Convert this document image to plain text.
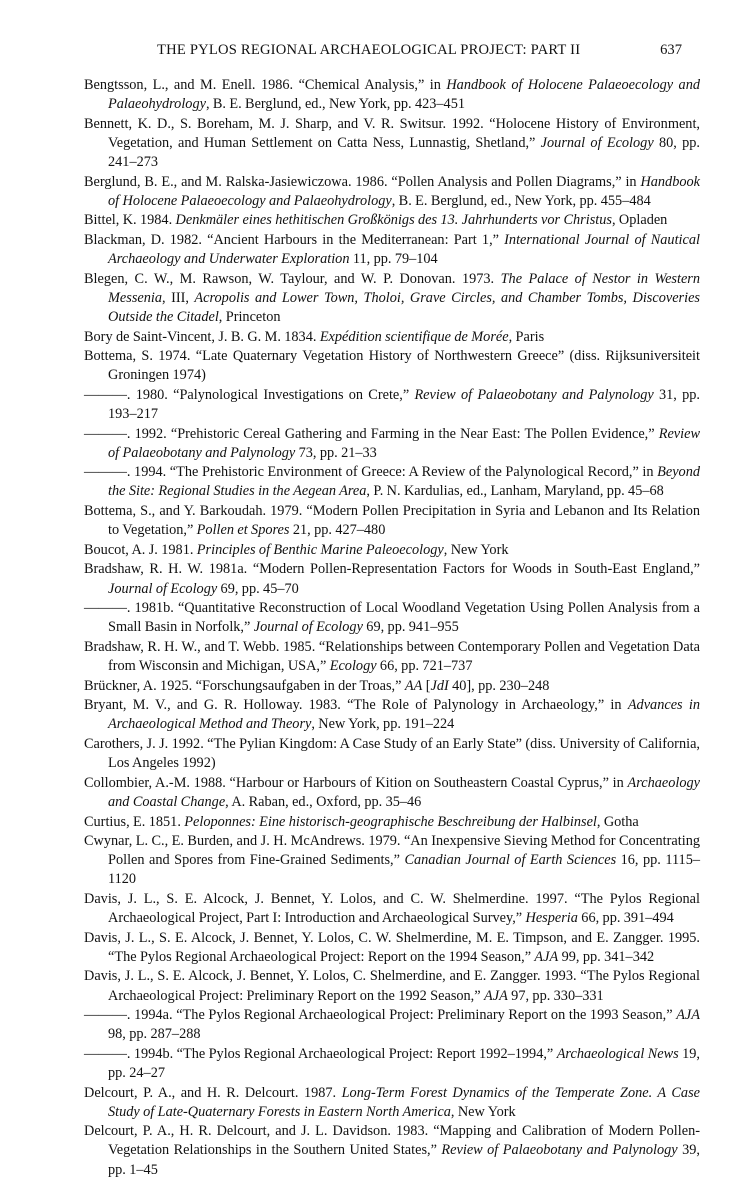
THE PYLOS REGIONAL ARCHAEOLOGICAL PROJECT: PART II	637

Bengtsson, L., and M. Enell. 1986. “Chemical Analysis,” in Handbook of Holocene Palaeoecology and Palaeohydrology, B. E. Berglund, ed., New York, pp. 423–451

Bennett, K. D., S. Boreham, M. J. Sharp, and V. R. Switsur. 1992. “Holocene History of Environment, Vegetation, and Human Settlement on Catta Ness, Lunnastig, Shetland,” Journal of Ecology 80, pp. 241–273

Berglund, B. E., and M. Ralska-Jasiewiczowa. 1986. “Pollen Analysis and Pollen Diagrams,” in Handbook of Holocene Palaeoecology and Palaeohydrology, B. E. Berglund, ed., New York, pp. 455–484

Bittel, K. 1984. Denkmäler eines hethitischen Großkönigs des 13. Jahrhunderts vor Christus, Opladen

Blackman, D. 1982. “Ancient Harbours in the Mediterranean: Part 1,” International Journal of Nautical Archaeology and Underwater Exploration 11, pp. 79–104

Blegen, C. W., M. Rawson, W. Taylour, and W. P. Donovan. 1973. The Palace of Nestor in Western Messenia, III, Acropolis and Lower Town, Tholoi, Grave Circles, and Chamber Tombs, Discoveries Outside the Citadel, Princeton

Bory de Saint-Vincent, J. B. G. M. 1834. Expédition scientifique de Morée, Paris

Bottema, S. 1974. “Late Quaternary Vegetation History of Northwestern Greece” (diss. Rijksuniversiteit Groningen 1974)

———. 1980. “Palynological Investigations on Crete,” Review of Palaeobotany and Palynology 31, pp. 193–217

———. 1992. “Prehistoric Cereal Gathering and Farming in the Near East: The Pollen Evidence,” Review of Palaeobotany and Palynology 73, pp. 21–33

———. 1994. “The Prehistoric Environment of Greece: A Review of the Palynological Record,” in Beyond the Site: Regional Studies in the Aegean Area, P. N. Kardulias, ed., Lanham, Maryland, pp. 45–68

Bottema, S., and Y. Barkoudah. 1979. “Modern Pollen Precipitation in Syria and Lebanon and Its Relation to Vegetation,” Pollen et Spores 21, pp. 427–480

Boucot, A. J. 1981. Principles of Benthic Marine Paleoecology, New York

Bradshaw, R. H. W. 1981a. “Modern Pollen-Representation Factors for Woods in South-East England,” Journal of Ecology 69, pp. 45–70

———. 1981b. “Quantitative Reconstruction of Local Woodland Vegetation Using Pollen Analysis from a Small Basin in Norfolk,” Journal of Ecology 69, pp. 941–955

Bradshaw, R. H. W., and T. Webb. 1985. “Relationships between Contemporary Pollen and Vegetation Data from Wisconsin and Michigan, USA,” Ecology 66, pp. 721–737

Brückner, A. 1925. “Forschungsaufgaben in der Troas,” AA [JdI 40], pp. 230–248

Bryant, M. V., and G. R. Holloway. 1983. “The Role of Palynology in Archaeology,” in Advances in Archaeological Method and Theory, New York, pp. 191–224

Carothers, J. J. 1992. “The Pylian Kingdom: A Case Study of an Early State” (diss. University of California, Los Angeles 1992)

Collombier, A.-M. 1988. “Harbour or Harbours of Kition on Southeastern Coastal Cyprus,” in Archaeology and Coastal Change, A. Raban, ed., Oxford, pp. 35–46

Curtius, E. 1851. Peloponnes: Eine historisch-geographische Beschreibung der Halbinsel, Gotha

Cwynar, L. C., E. Burden, and J. H. McAndrews. 1979. “An Inexpensive Sieving Method for Concentrating Pollen and Spores from Fine-Grained Sediments,” Canadian Journal of Earth Sciences 16, pp. 1115–1120

Davis, J. L., S. E. Alcock, J. Bennet, Y. Lolos, and C. W. Shelmerdine. 1997. “The Pylos Regional Archaeological Project, Part I: Introduction and Archaeological Survey,” Hesperia 66, pp. 391–494

Davis, J. L., S. E. Alcock, J. Bennet, Y. Lolos, C. W. Shelmerdine, M. E. Timpson, and E. Zangger. 1995. “The Pylos Regional Archaeological Project: Report on the 1994 Season,” AJA 99, pp. 341–342

Davis, J. L., S. E. Alcock, J. Bennet, Y. Lolos, C. Shelmerdine, and E. Zangger. 1993. “The Pylos Regional Archaeological Project: Preliminary Report on the 1992 Season,” AJA 97, pp. 330–331

———. 1994a. “The Pylos Regional Archaeological Project: Preliminary Report on the 1993 Season,” AJA 98, pp. 287–288

———. 1994b. “The Pylos Regional Archaeological Project: Report 1992–1994,” Archaeological News 19, pp. 24–27

Delcourt, P. A., and H. R. Delcourt. 1987. Long-Term Forest Dynamics of the Temperate Zone. A Case Study of Late-Quaternary Forests in Eastern North America, New York

Delcourt, P. A., H. R. Delcourt, and J. L. Davidson. 1983. “Mapping and Calibration of Modern Pollen-Vegetation Relationships in the Southern United States,” Review of Palaeobotany and Palynology 39, pp. 1–45
